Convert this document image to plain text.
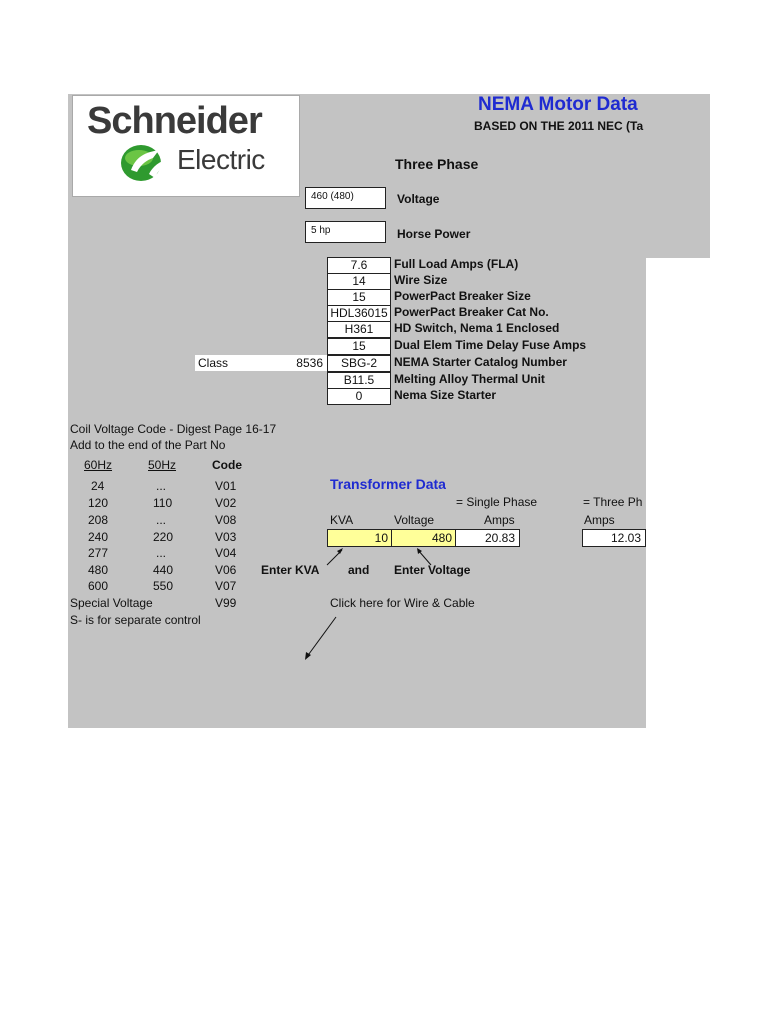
Schneider
Electric
NEMA Motor Data
BASED ON THE 2011 NEC (Ta
Three Phase
460 (480)	Voltage
5 hp	Horse Power
7.6	Full Load Amps (FLA)
14	Wire Size
15	PowerPact Breaker Size
HDL36015 PowerPact Breaker Cat No.
H361	HD Switch, Nema 1 Enclosed
15	Dual Elem Time Delay Fuse Amps
Class	8536	SBG-2	NEMA Starter Catalog Number
B11.5	Melting Alloy Thermal Unit
0	Nema Size Starter
Coil Voltage Code - Digest Page 16-17
Add to the end of the Part No
60Hz	50Hz	Code
24	...	V01
120	110	V02
208	...	V08
240	220	V03
277	...	V04
480	440	V06
600	550	V07
Special Voltage	V99
S- is for separate control
Transformer Data
= Single Phase	= Three Ph
KVA	Voltage	Amps	Amps
10	480	20.83	12.03
Enter KVA and Enter Voltage
Click here for Wire & Cable
